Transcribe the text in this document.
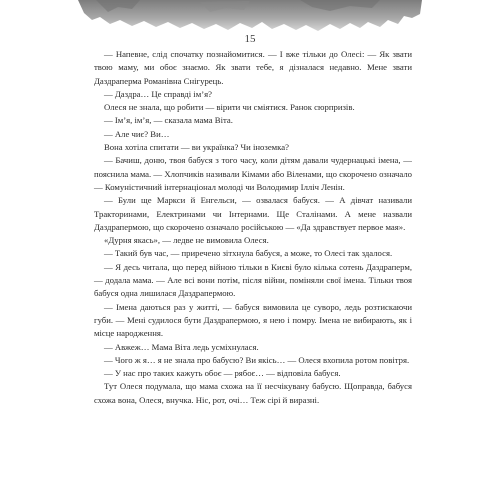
15

— Напевне, слід спочатку познайомитися. — І вже тільки до Олесі: — Як звати твою маму, ми обоє знаємо. Як звати тебе, я дізналася недавно. Мене звати Даздраперма Романівна Снігурець.

— Даздра… Це справді ім’я?

Олеся не знала, що робити — вірити чи сміятися. Ранок сюрпризів.

— Ім’я, ім’я, — сказала мама Віта.

— Але чиє? Ви…

Вона хотіла спитати — ви українка? Чи іноземка?

— Бачиш, доню, твоя бабуся з того часу, коли дітям давали чудернацькі імена, — пояснила мама. — Хлопчиків називали Кімами або Віленами, що скорочено означало — Комуністичний інтернаціонал молоді чи Володимир Ілліч Ленін.

— Були ще Маркси й Енгельси, — озвалася бабуся. — А дівчат називали Тракторинами, Електринами чи Інтернами. Ще Сталінами. А мене назвали Даздрапермою, що скорочено означало російською — «Да здравствует первое мая».

«Дурня якась», — ледве не вимовила Олеся.

— Такий був час, — приречено зітхнула бабуся, а може, то Олесі так здалося.

— Я десь читала, що перед війною тільки в Києві було кілька сотень Даздраперм, — додала мама. — Але всі вони потім, після війни, поміняли свої імена. Тільки твоя бабуся одна лишилася Даздрапермою.

— Імена даються раз у житті, — бабуся вимовила це суворо, ледь розтискаючи губи. — Мені судилося бути Даздрапермою, я нею і помру. Імена не вибирають, як і місце народження.

— Авжеж… Мама Віта ледь усміхнулася.

— Чого ж я… я не знала про бабусю? Ви якісь… — Олеся вхопила ротом повітря.

— У нас про таких кажуть обоє — рябоє… — відповіла бабуся.

Тут Олеся подумала, що мама схожа на її несчікувану бабусю. Щоправда, бабуся схожа вона, Олеся, внучка. Ніс, рот, очі… Теж сірі й виразні.
